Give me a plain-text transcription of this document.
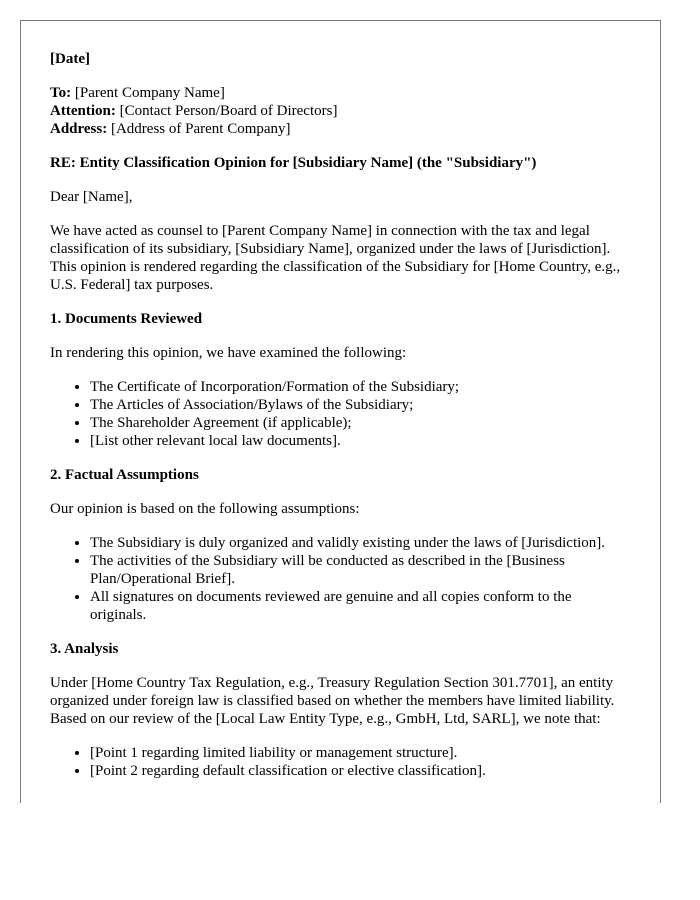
[Date]

To: [Parent Company Name]

Attention: [Contact Person/Board of Directors]

Address: [Address of Parent Company]

RE: Entity Classification Opinion for [Subsidiary Name] (the "Subsidiary")

Dear [Name],

We have acted as counsel to [Parent Company Name] in connection with the tax and legal classification of its subsidiary, [Subsidiary Name], organized under the laws of [Jurisdiction]. This opinion is rendered regarding the classification of the Subsidiary for [Home Country, e.g., U.S. Federal] tax purposes.

1. Documents Reviewed

In rendering this opinion, we have examined the following:

• The Certificate of Incorporation/Formation of the Subsidiary;
• The Articles of Association/Bylaws of the Subsidiary;
• The Shareholder Agreement (if applicable);
• [List other relevant local law documents].
2. Factual Assumptions

Our opinion is based on the following assumptions:

• The Subsidiary is duly organized and validly existing under the laws of [Jurisdiction].
• The activities of the Subsidiary will be conducted as described in the [Business Plan/Operational Brief].
• All signatures on documents reviewed are genuine and all copies conform to the originals.
3. Analysis

Under [Home Country Tax Regulation, e.g., Treasury Regulation Section 301.7701], an entity organized under foreign law is classified based on whether the members have limited liability. Based on our review of the [Local Law Entity Type, e.g., GmbH, Ltd, SARL], we note that:

• [Point 1 regarding limited liability or management structure].
• [Point 2 regarding default classification or elective classification].
